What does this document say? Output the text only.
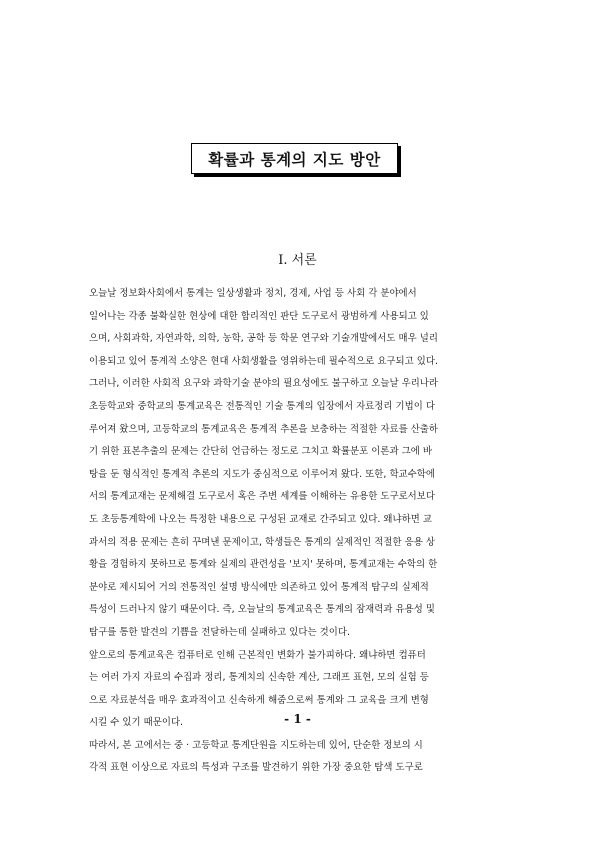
확률과 통계의 지도 방안
Ⅰ. 서론
오늘날 정보화사회에서 통계는 일상생활과 정치, 경제, 사업 등 사회 각 분야에서
일어나는 각종 불확실한 현상에 대한 합리적인 판단 도구로서 광범하게 사용되고 있
으며, 사회과학, 자연과학, 의학, 농학, 공학 등 학문 연구와 기술개발에서도 매우 널리
이용되고 있어 통계적 소양은 현대 사회생활을 영위하는데 필수적으로 요구되고 있다.
그러나, 이러한 사회적 요구와 과학기술 분야의 필요성에도 불구하고 오늘날 우리나라
초등학교와 중학교의 통계교육은 전통적인 기술 통계의 입장에서 자료정리 기법이 다
루어져 왔으며, 고등학교의 통계교육은 통계적 추론을 보충하는 적절한 자료를 산출하
기 위한 표본추출의 문제는 간단히 언급하는 정도로 그치고 확률분포 이론과 그에 바
탕을 둔 형식적인 통계적 추론의 지도가 중심적으로 이루어져 왔다. 또한, 학교수학에
서의 통계교재는 문제해결 도구로서 혹은 주변 세계를 이해하는 유용한 도구로서보다
도 초등통계학에 나오는 특정한 내용으로 구성된 교재로 간주되고 있다. 왜냐하면 교
과서의 적용 문제는 흔히 꾸며낸 문제이고, 학생들은 통계의 실제적인 적절한 응용 상
황을 경험하지 못하므로 통계와 실제의 관련성을 '보지' 못하며, 통계교재는 수학의 한
분야로 제시되어 거의 전통적인 설명 방식에만 의존하고 있어 통계적 탐구의 실제적
특성이 드러나지 않기 때문이다. 즉, 오늘날의 통계교육은 통계의 잠재력과 유용성 및
탐구를 통한 발견의 기쁨을 전달하는데 실패하고 있다는 것이다.
앞으로의 통계교육은 컴퓨터로 인해 근본적인 변화가 불가피하다. 왜냐하면 컴퓨터
는 여러 가지 자료의 수집과 정리, 통계치의 신속한 계산, 그래프 표현, 모의 실험 등
으로 자료분석을 매우 효과적이고 신속하게 해줌으로써 통계와 그 교육을 크게 변형
시킬 수 있기 때문이다.
따라서, 본 고에서는 중 · 고등학교 통계단원을 지도하는데 있어, 단순한 정보의 시
각적 표현 이상으로 자료의 특성과 구조를 발견하기 위한 가장 중요한 탐색 도구로
- 1 -
